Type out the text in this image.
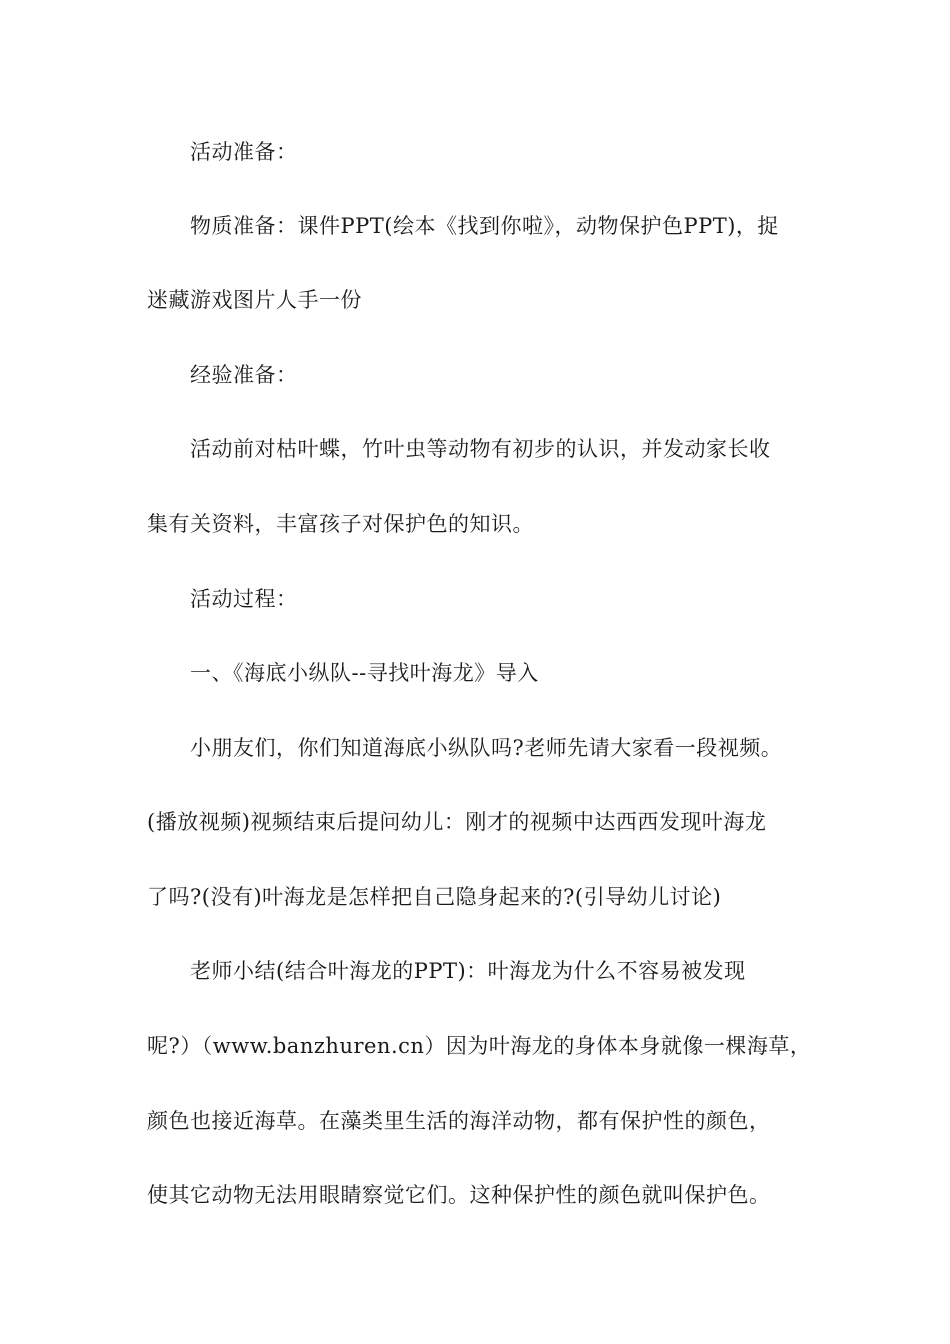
活动准备：
物质准备：课件PPT(绘本《找到你啦》，动物保护色PPT)，捉
迷藏游戏图片人手一份
经验准备：
活动前对枯叶蝶，竹叶虫等动物有初步的认识，并发动家长收
集有关资料，丰富孩子对保护色的知识。
活动过程：
一、《海底小纵队--寻找叶海龙》导入
小朋友们，你们知道海底小纵队吗?老师先请大家看一段视频。
(播放视频)视频结束后提问幼儿：刚才的视频中达西西发现叶海龙
了吗?(没有)叶海龙是怎样把自己隐身起来的?(引导幼儿讨论)
老师小结(结合叶海龙的PPT)：叶海龙为什么不容易被发现
呢?）（www.banzhuren.cn）因为叶海龙的身体本身就像一棵海草，
颜色也接近海草。在藻类里生活的海洋动物，都有保护性的颜色，
使其它动物无法用眼睛察觉它们。这种保护性的颜色就叫保护色。
